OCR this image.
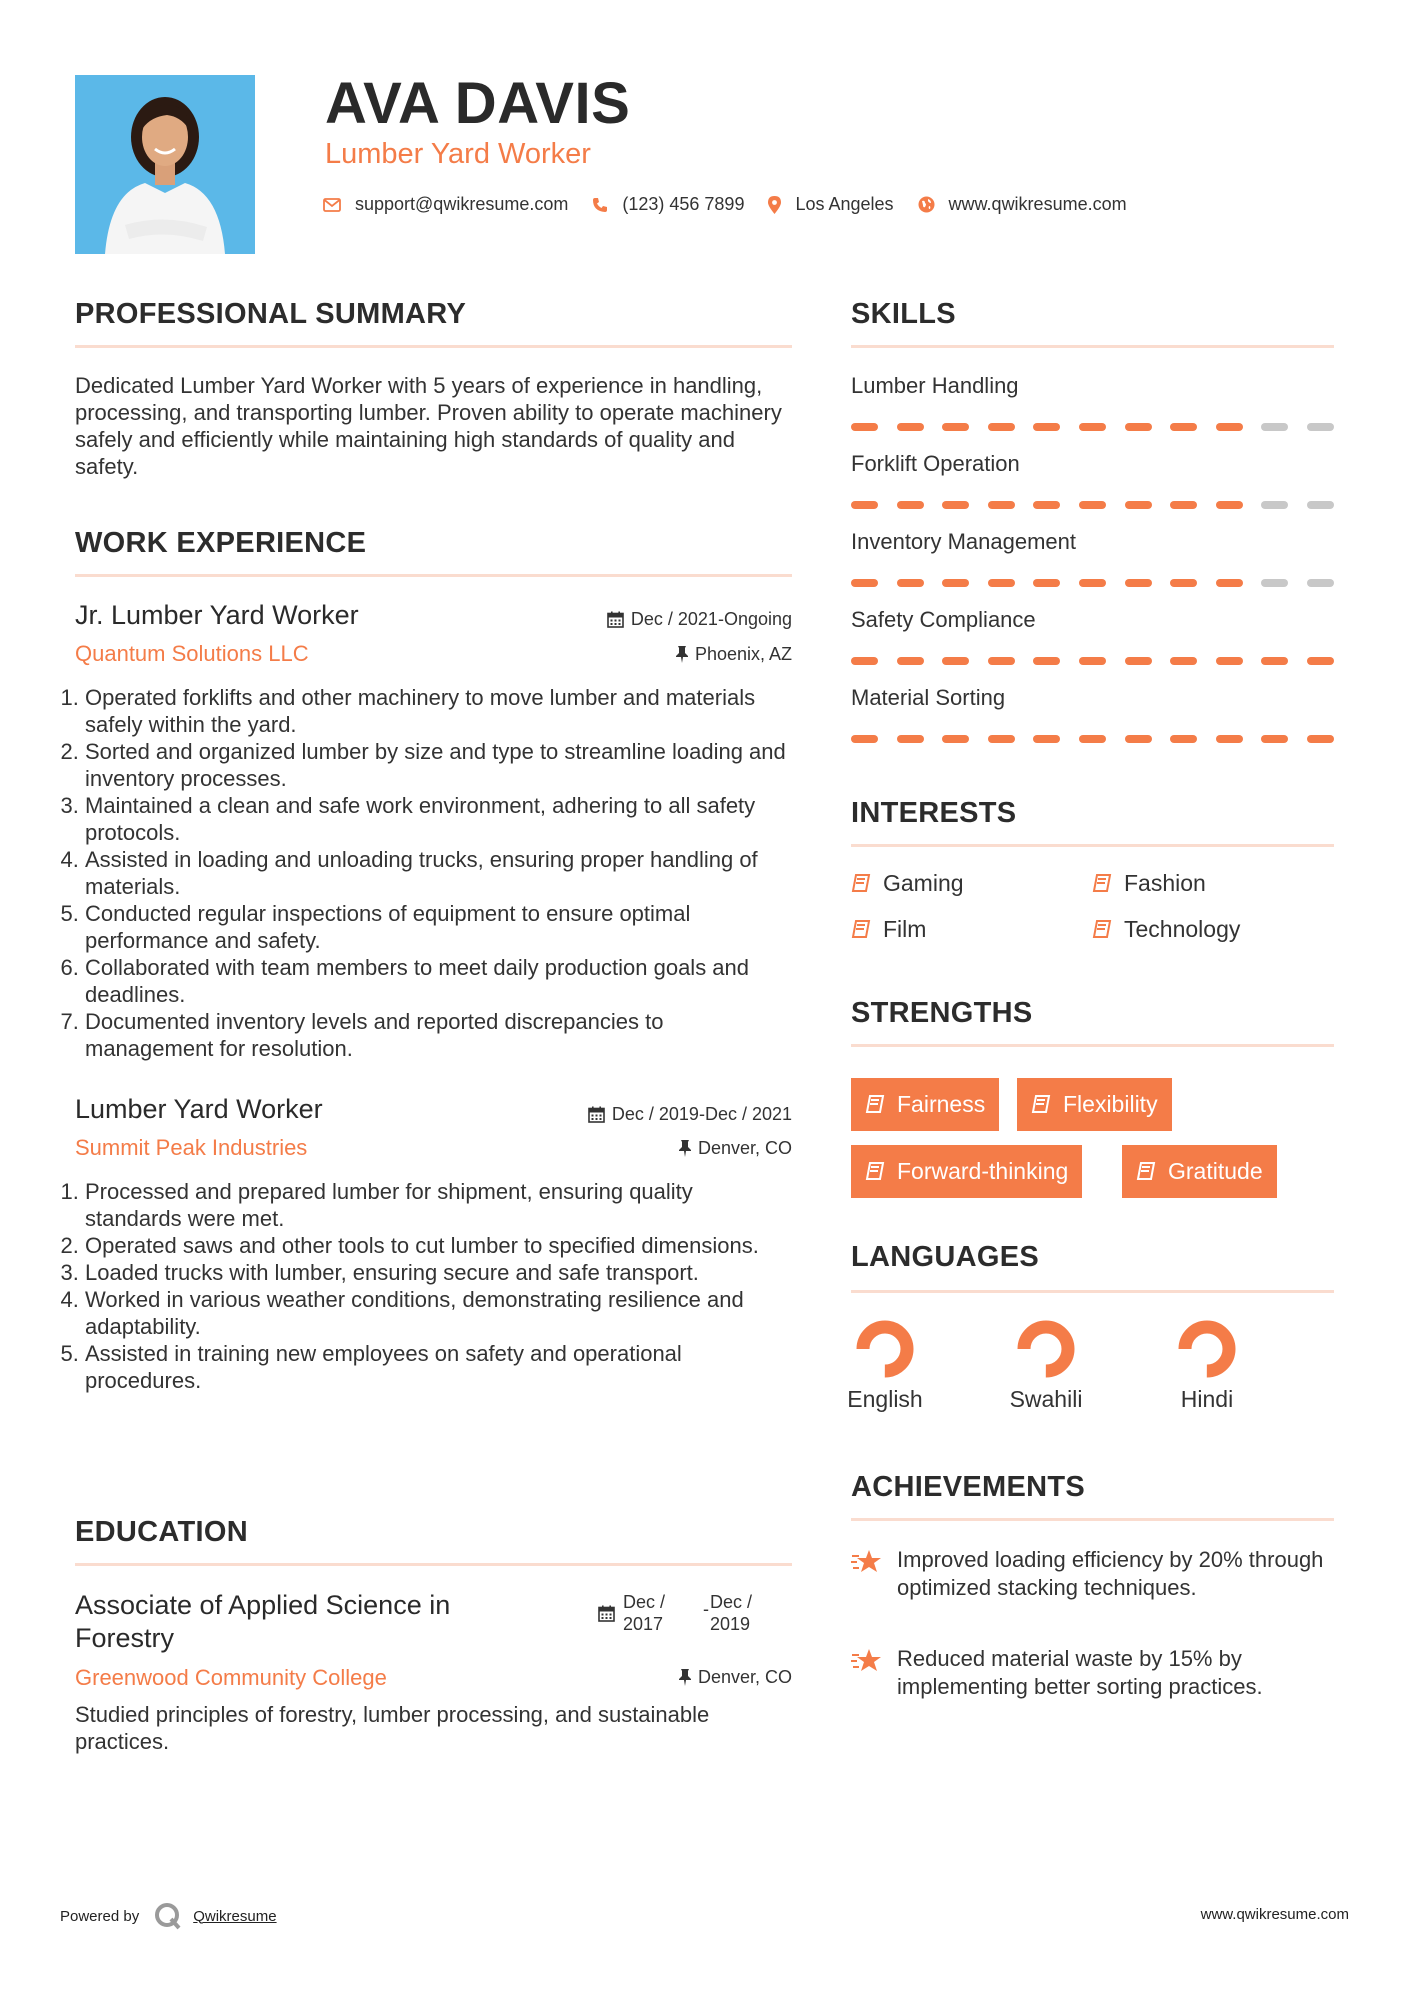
AVA DAVIS
Lumber Yard Worker
support@qwikresume.com	(123) 456 7899	Los Angeles	www.qwikresume.com
PROFESSIONAL SUMMARY
Dedicated Lumber Yard Worker with 5 years of experience in handling, processing, and transporting lumber. Proven ability to operate machinery safely and efficiently while maintaining high standards of quality and safety.
WORK EXPERIENCE
Jr. Lumber Yard Worker	Dec / 2021-Ongoing
Quantum Solutions LLC	Phoenix, AZ
1. Operated forklifts and other machinery to move lumber and materials safely within the yard.
2. Sorted and organized lumber by size and type to streamline loading and inventory processes.
3. Maintained a clean and safe work environment, adhering to all safety protocols.
4. Assisted in loading and unloading trucks, ensuring proper handling of materials.
5. Conducted regular inspections of equipment to ensure optimal performance and safety.
6. Collaborated with team members to meet daily production goals and deadlines.
7. Documented inventory levels and reported discrepancies to management for resolution.
Lumber Yard Worker	Dec / 2019-Dec / 2021
Summit Peak Industries	Denver, CO
1. Processed and prepared lumber for shipment, ensuring quality standards were met.
2. Operated saws and other tools to cut lumber to specified dimensions.
3. Loaded trucks with lumber, ensuring secure and safe transport.
4. Worked in various weather conditions, demonstrating resilience and adaptability.
5. Assisted in training new employees on safety and operational procedures.
EDUCATION
Associate of Applied Science in
Forestry
Dec /
2017
- Dec /
2019
Greenwood Community College	Denver, CO
Studied principles of forestry, lumber processing, and sustainable practices.
SKILLS
Lumber Handling
Forklift Operation
Inventory Management
Safety Compliance
Material Sorting
INTERESTS
Gaming	Fashion
Film	Technology
STRENGTHS
Fairness	Flexibility
Forward-thinking	Gratitude
LANGUAGES
English	Swahili	Hindi
ACHIEVEMENTS
Improved loading efficiency by 20% through optimized stacking techniques.
Reduced material waste by 15% by implementing better sorting practices.
Powered by	Qwikresume	www.qwikresume.com
